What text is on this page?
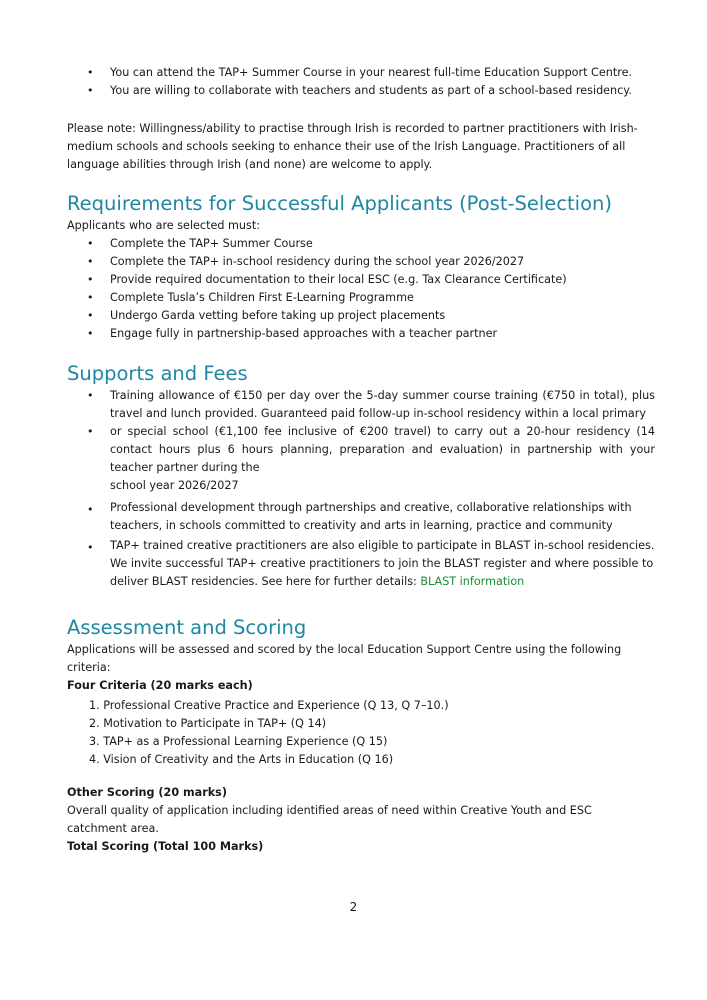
• You can attend the TAP+ Summer Course in your nearest full-time Education Support Centre.
• You are willing to collaborate with teachers and students as part of a school-based residency.
Please note: Willingness/ability to practise through Irish is recorded to partner practitioners with Irish-medium schools and schools seeking to enhance their use of the Irish Language. Practitioners of all language abilities through Irish (and none) are welcome to apply.
Requirements for Successful Applicants (Post-Selection)
Applicants who are selected must:
• Complete the TAP+ Summer Course
• Complete the TAP+ in-school residency during the school year 2026/2027
• Provide required documentation to their local ESC (e.g. Tax Clearance Certificate)
• Complete Tusla’s Children First E-Learning Programme
• Undergo Garda vetting before taking up project placements
• Engage fully in partnership-based approaches with a teacher partner
Supports and Fees
• Training allowance of €150 per day over the 5-day summer course training (€750 in total), plus travel and lunch provided. Guaranteed paid follow-up in-school residency within a local primary
• or special school (€1,100 fee inclusive of €200 travel) to carry out a 20-hour residency (14 contact hours plus 6 hours planning, preparation and evaluation) in partnership with your teacher partner during the
school year 2026/2027
• Professional development through partnerships and creative, collaborative relationships with teachers, in schools committed to creativity and arts in learning, practice and community
• TAP+ trained creative practitioners are also eligible to participate in BLAST in-school residencies. We invite successful TAP+ creative practitioners to join the BLAST register and where possible to deliver BLAST residencies. See here for further details: BLAST information
Assessment and Scoring
Applications will be assessed and scored by the local Education Support Centre using the following criteria:
Four Criteria (20 marks each)
1. Professional Creative Practice and Experience (Q 13, Q 7–10.)
2. Motivation to Participate in TAP+ (Q 14)
3. TAP+ as a Professional Learning Experience (Q 15)
4. Vision of Creativity and the Arts in Education (Q 16)
Other Scoring (20 marks)
Overall quality of application including identified areas of need within Creative Youth and ESC catchment area.
Total Scoring (Total 100 Marks)
2
